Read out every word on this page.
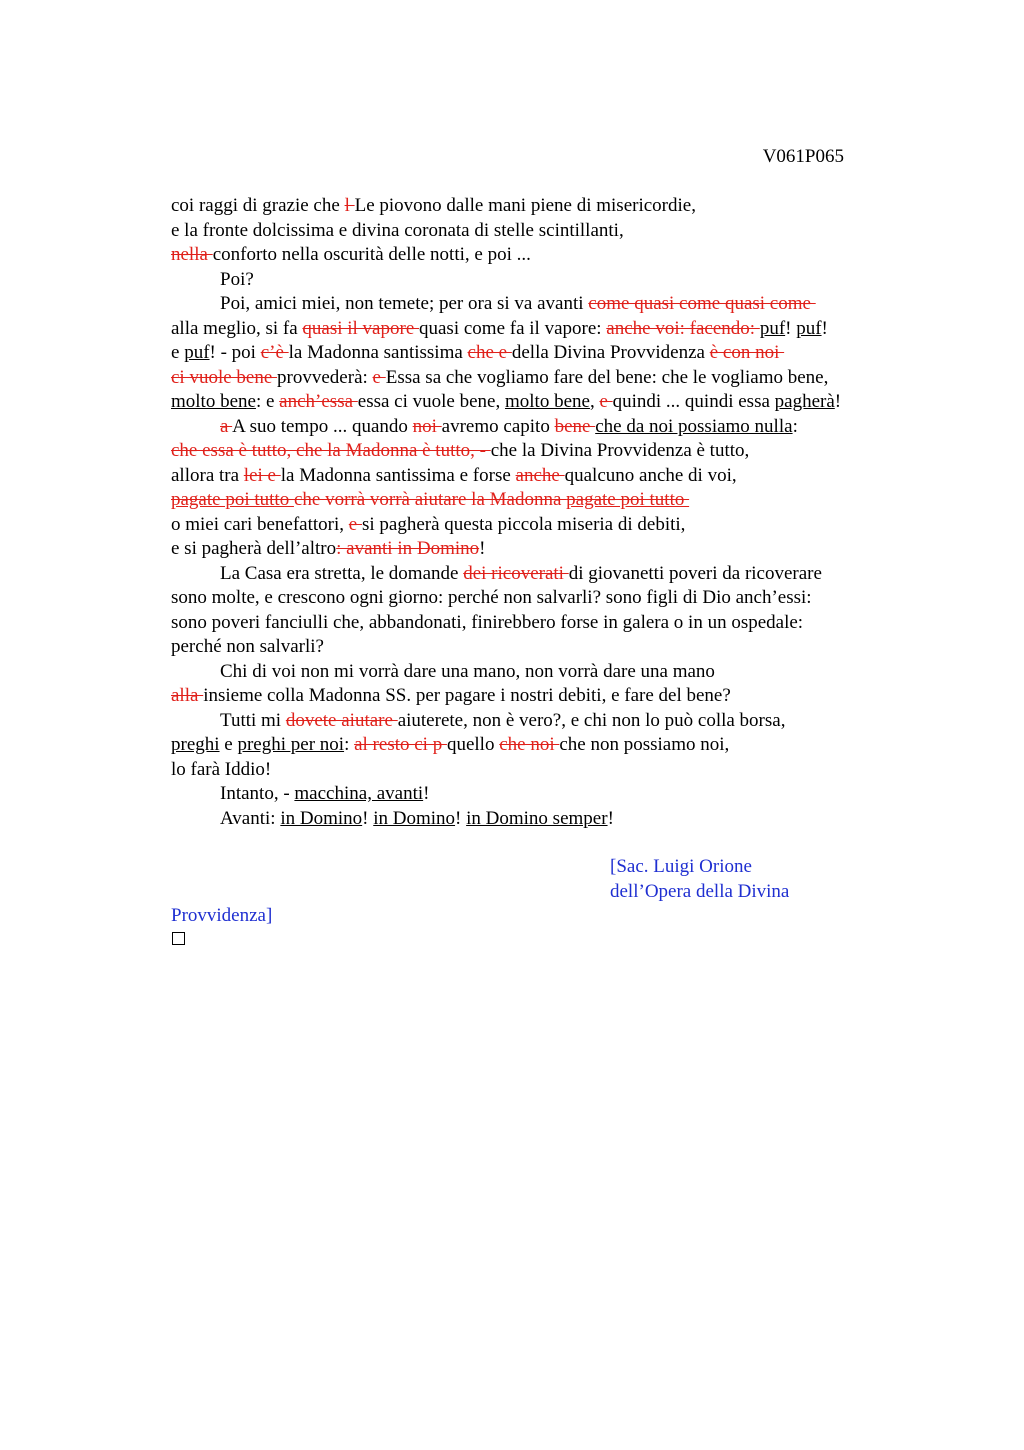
V061P065
coi raggi di grazie che l Le piovono dalle mani piene di misericordie,
e la fronte dolcissima e divina coronata di stelle scintillanti,
nella conforto nella oscurità delle notti, e poi ...
Poi?
Poi, amici miei, non temete; per ora si va avanti come quasi come quasi come
alla meglio, si fa quasi il vapore quasi come fa il vapore: anche voi: facendo: puf! puf!
e puf! - poi c’è la Madonna santissima che e della Divina Provvidenza è con noi
ci vuole bene provvederà: e Essa sa che vogliamo fare del bene: che le vogliamo bene,
molto bene: e anch’essa essa ci vuole bene, molto bene, e quindi ... quindi essa pagherà!
a A suo tempo ... quando noi avremo capito bene che da noi possiamo nulla:
che essa è tutto, che la Madonna è tutto, - che la Divina Provvidenza è tutto,
allora tra lei e la Madonna santissima e forse anche qualcuno anche di voi,
pagate poi tutto che vorrà vorrà aiutare la Madonna pagate poi tutto
o miei cari benefattori, e si pagherà questa piccola miseria di debiti,
e si pagherà dell’altro: avanti in Domino!
La Casa era stretta, le domande dei ricoverati di giovanetti poveri da ricoverare
sono molte, e crescono ogni giorno: perché non salvarli? sono figli di Dio anch’essi:
sono poveri fanciulli che, abbandonati, finirebbero forse in galera o in un ospedale:
perché non salvarli?
Chi di voi non mi vorrà dare una mano, non vorrà dare una mano
alla insieme colla Madonna SS. per pagare i nostri debiti, e fare del bene?
Tutti mi dovete aiutare aiuterete, non è vero?, e chi non lo può colla borsa,
preghi e preghi per noi: al resto ci p quello che noi che non possiamo noi,
lo farà Iddio!
Intanto, - macchina, avanti!
Avanti: in Domino! in Domino! in Domino semper!
[Sac. Luigi Orione
dell’Opera della Divina
Provvidenza]
